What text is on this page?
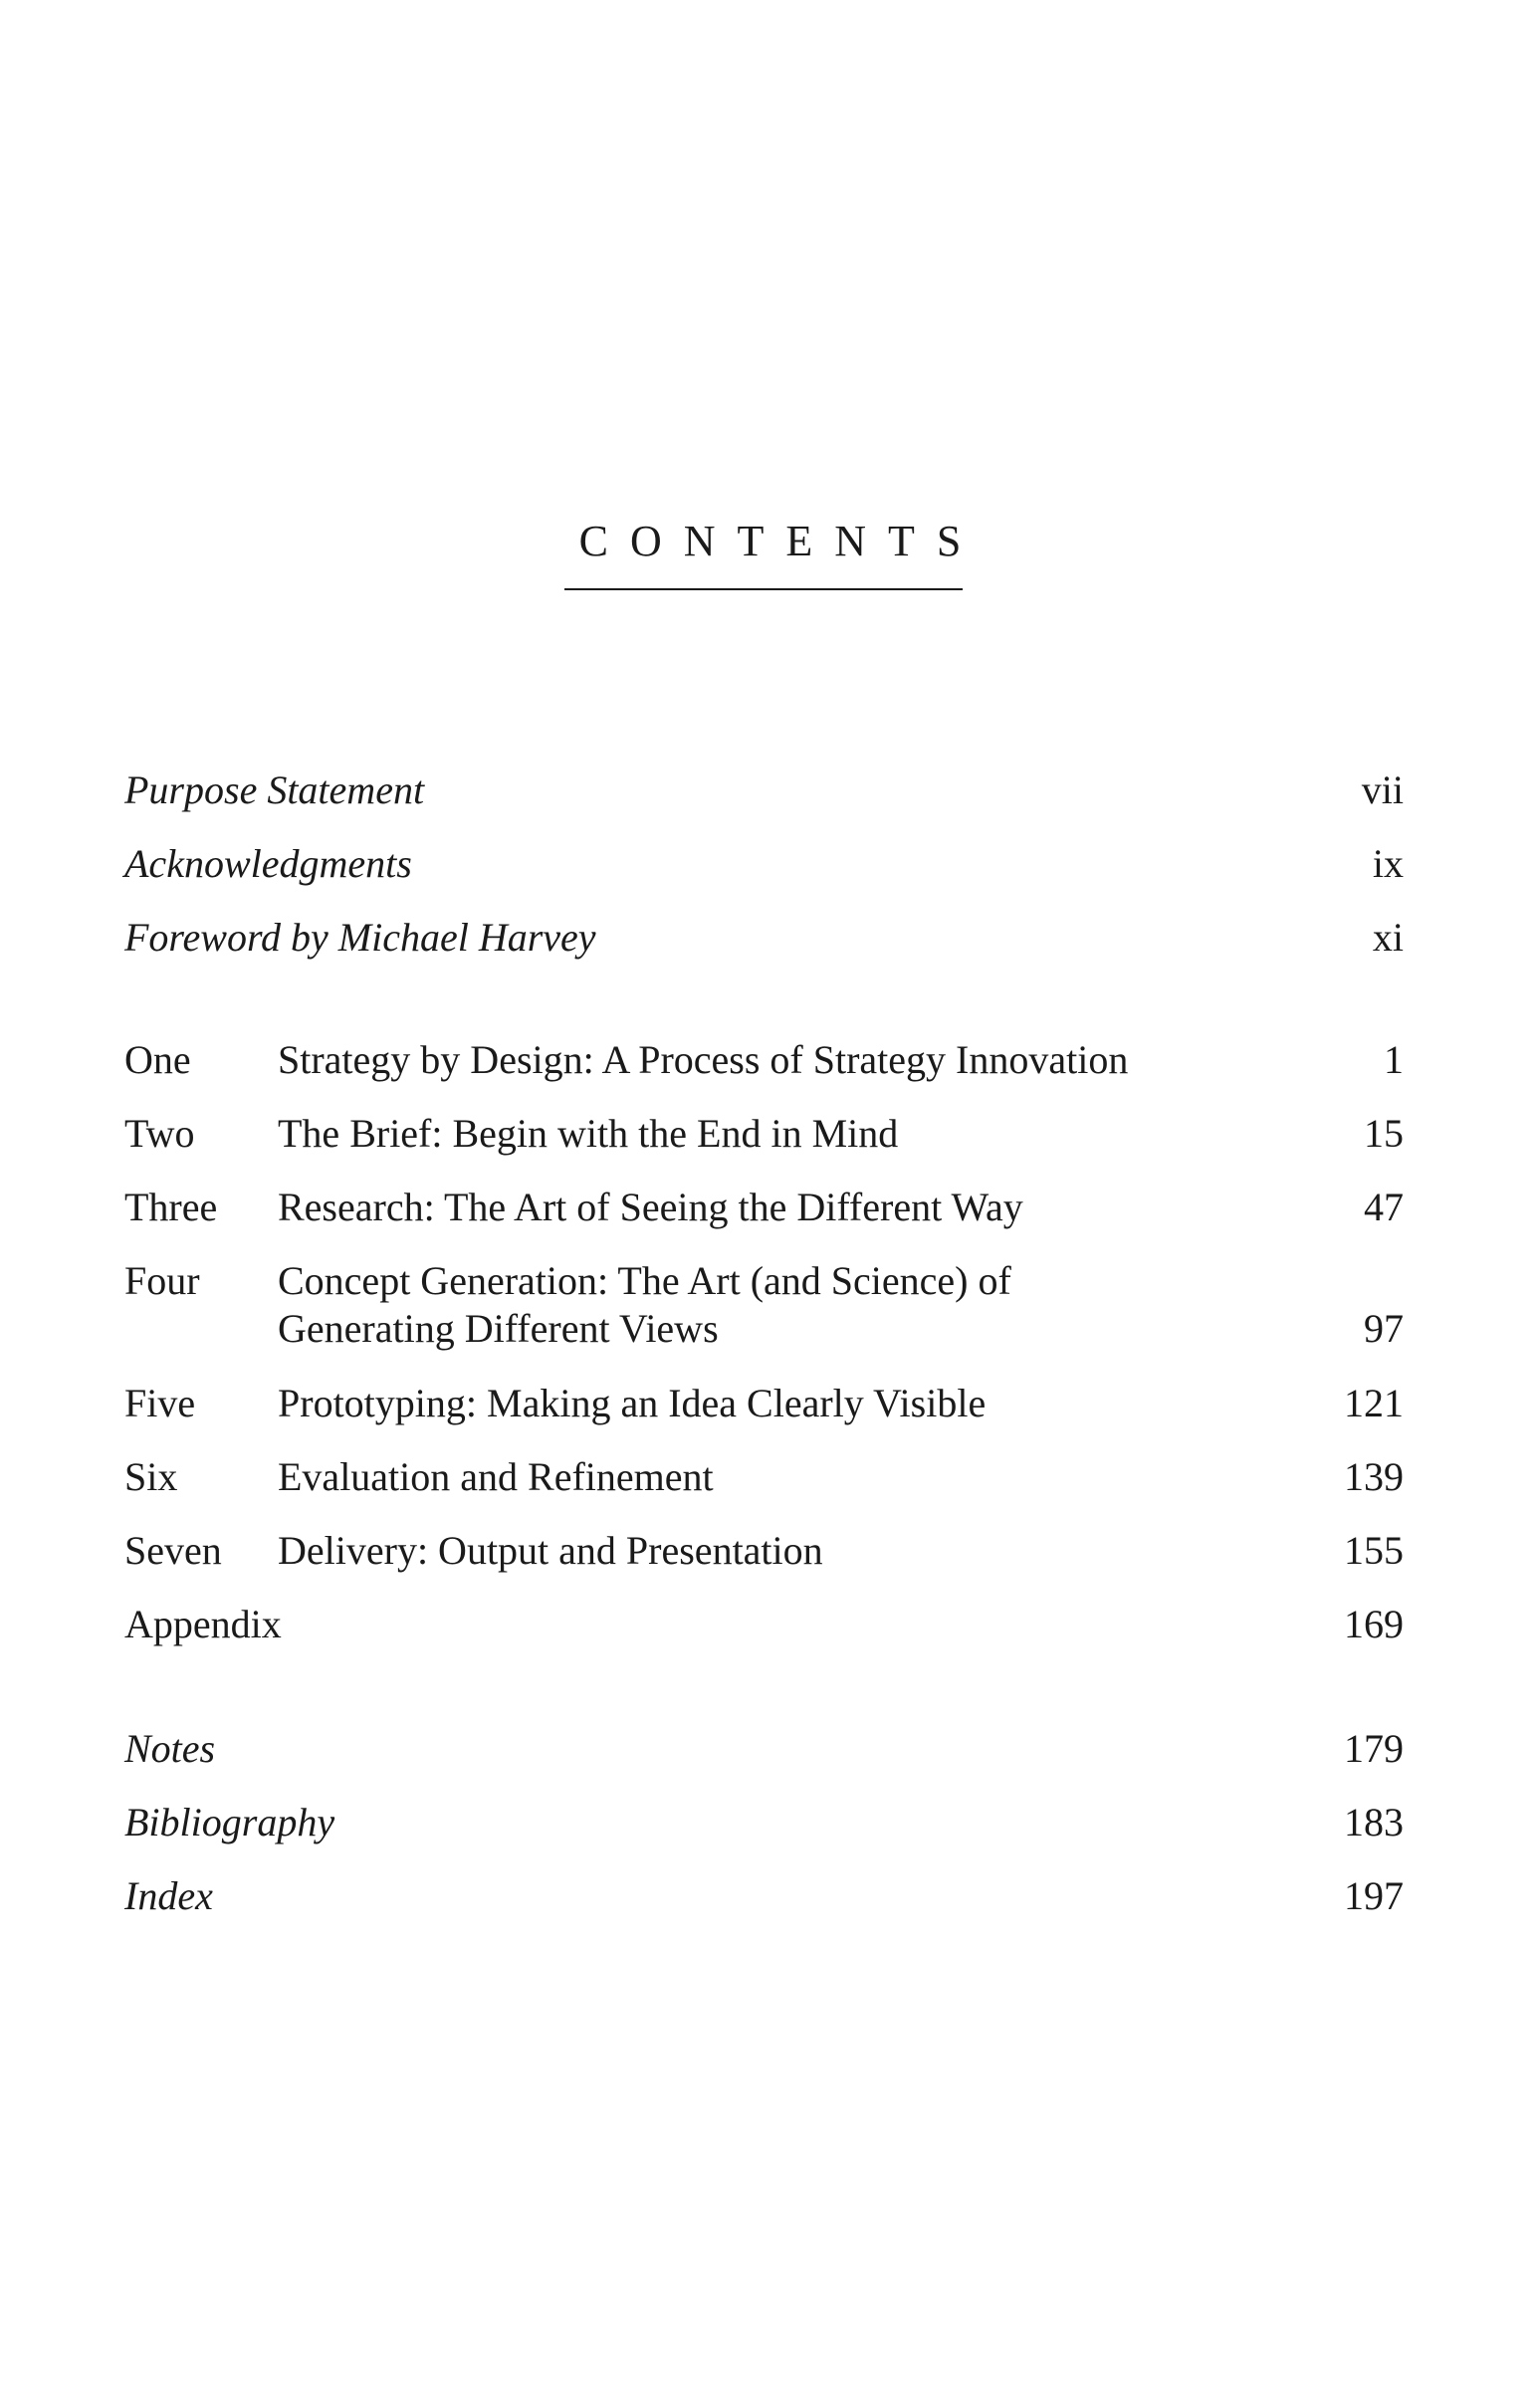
CONTENTS
Purpose Statement	vii
Acknowledgments	ix
Foreword by Michael Harvey	xi
One Strategy by Design: A Process of Strategy Innovation	1
Two The Brief: Begin with the End in Mind	15
Three Research: The Art of Seeing the Different Way	47
Four Concept Generation: The Art (and Science) of
Generating Different Views	97
Five Prototyping: Making an Idea Clearly Visible	121
Six	Evaluation and Refinement	139
Seven Delivery: Output and Presentation	155
Appendix	169
Notes	179
Bibliography	183
Index	197
